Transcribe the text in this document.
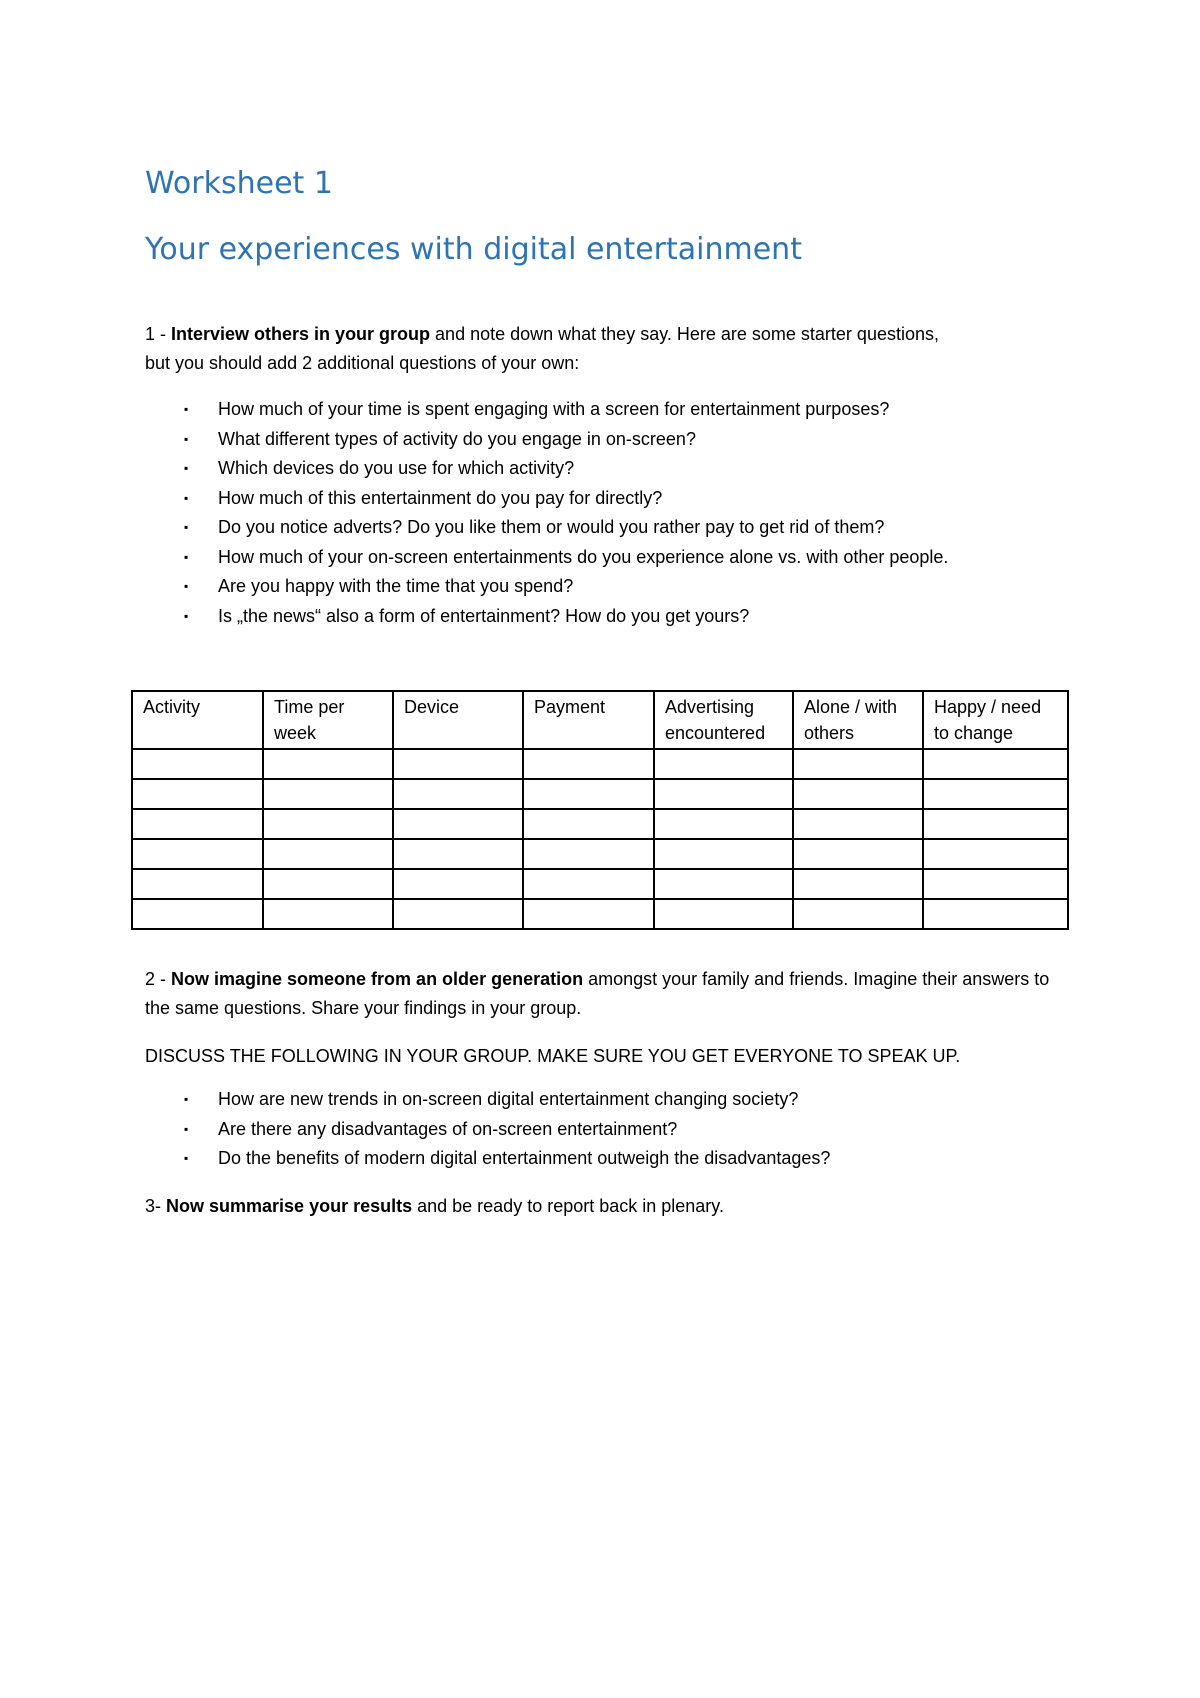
Worksheet 1
Your experiences with digital entertainment

1 - Interview others in your group and note down what they say. Here are some starter questions,
but you should add 2 additional questions of your own:

▪ How much of your time is spent engaging with a screen for entertainment purposes?
▪ What different types of activity do you engage in on-screen?
▪ Which devices do you use for which activity?
▪ How much of this entertainment do you pay for directly?
▪ Do you notice adverts? Do you like them or would you rather pay to get rid of them?
▪ How much of your on-screen entertainments do you experience alone vs. with other people.
▪ Are you happy with the time that you spend?
▪ Is „the news“ also a form of entertainment? How do you get yours?
Activity	Time per week	Device	Payment	Advertising encountered	Alone / with others	Happy / need to change

2 - Now imagine someone from an older generation amongst your family and friends. Imagine their answers to the same questions. Share your findings in your group.

DISCUSS THE FOLLOWING IN YOUR GROUP. MAKE SURE YOU GET EVERYONE TO SPEAK UP.

▪ How are new trends in on-screen digital entertainment changing society?
▪ Are there any disadvantages of on-screen entertainment?
▪ Do the benefits of modern digital entertainment outweigh the disadvantages?

3- Now summarise your results and be ready to report back in plenary.
